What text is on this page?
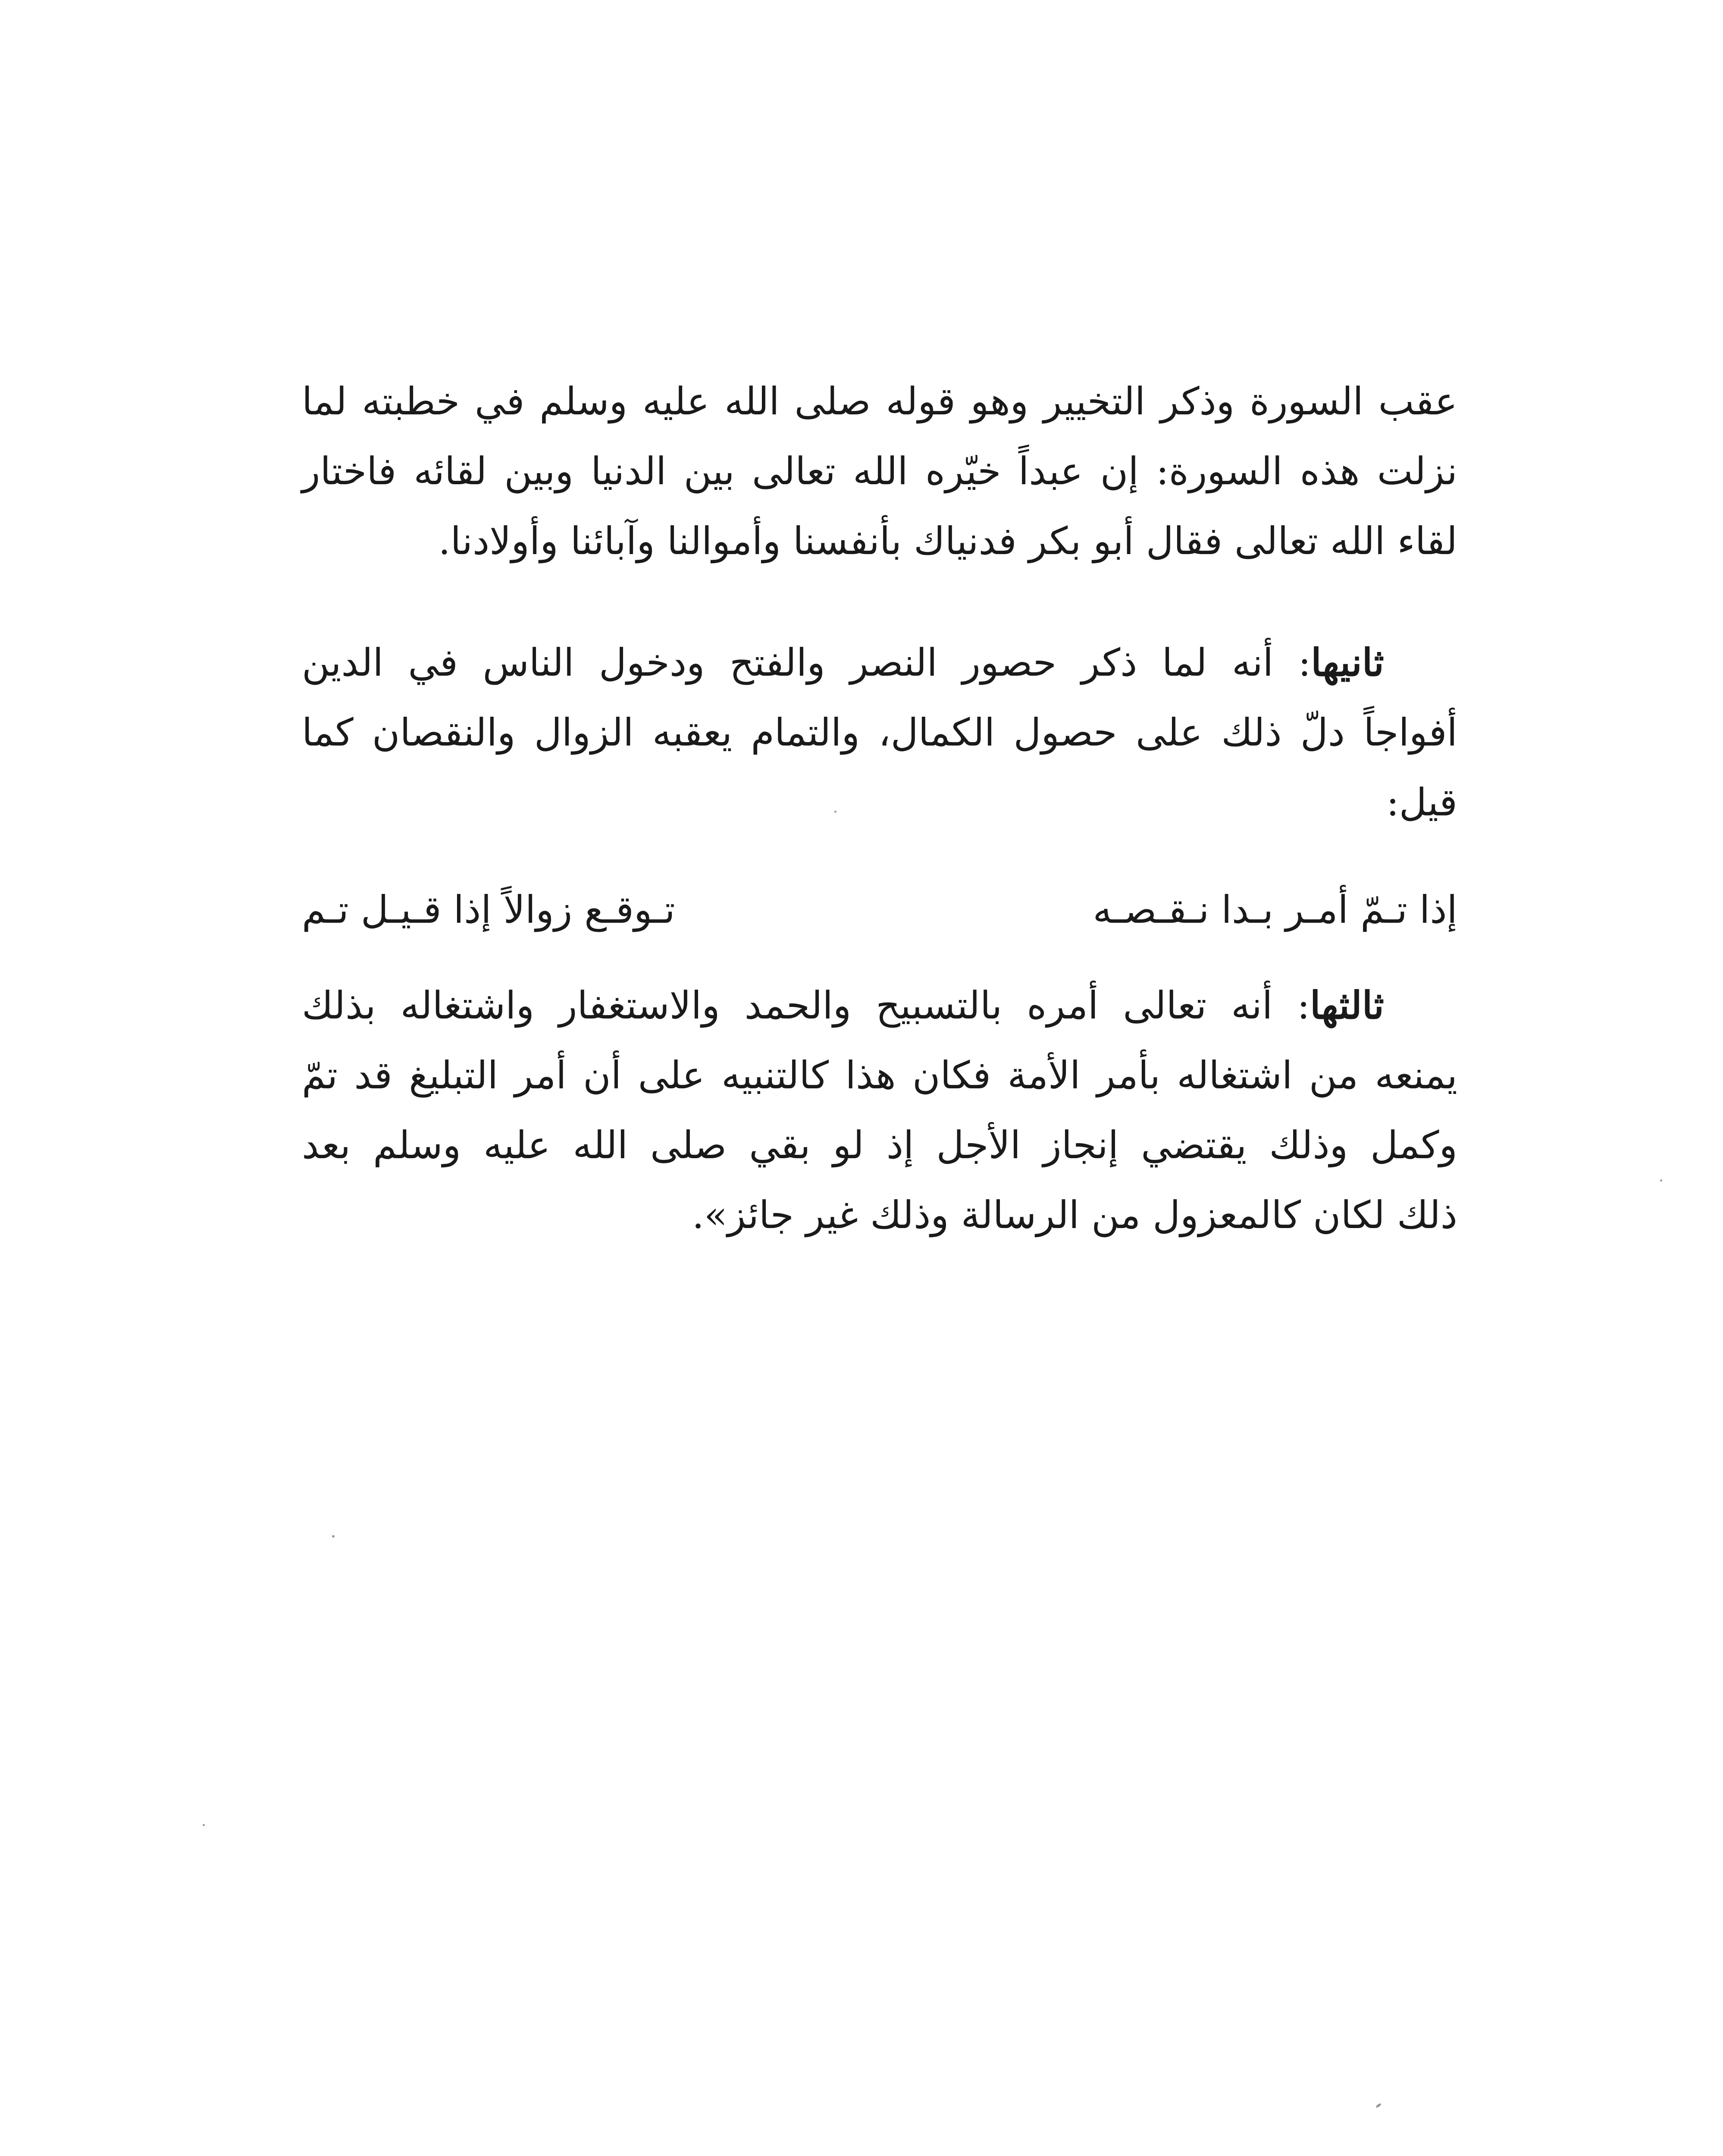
عقب السورة وذكر التخيير وهو قوله صلى الله عليه وسلم في خطبته لما
نزلت هذه السورة: إن عبداً خيّره الله تعالى بين الدنيا وبين لقائه فاختار
لقاء الله تعالى فقال أبو بكر فدنياك بأنفسنا وأموالنا وآبائنا وأولادنا.
ثانيها: أنه لما ذكر حصور النصر والفتح ودخول الناس في الدين
أفواجاً دلّ ذلك على حصول الكمال، والتمام يعقبه الزوال والنقصان كما
قيل:
إذا تـمّ أمـر بـدا نـقـصـه
تـوقـع زوالاً إذا قـيـل تـم
ثالثها: أنه تعالى أمره بالتسبيح والحمد والاستغفار واشتغاله بذلك
يمنعه من اشتغاله بأمر الأمة فكان هذا كالتنبيه على أن أمر التبليغ قد تمّ
وكمل وذلك يقتضي إنجاز الأجل إذ لو بقي صلى الله عليه وسلم بعد
ذلك لكان كالمعزول من الرسالة وذلك غير جائز».
